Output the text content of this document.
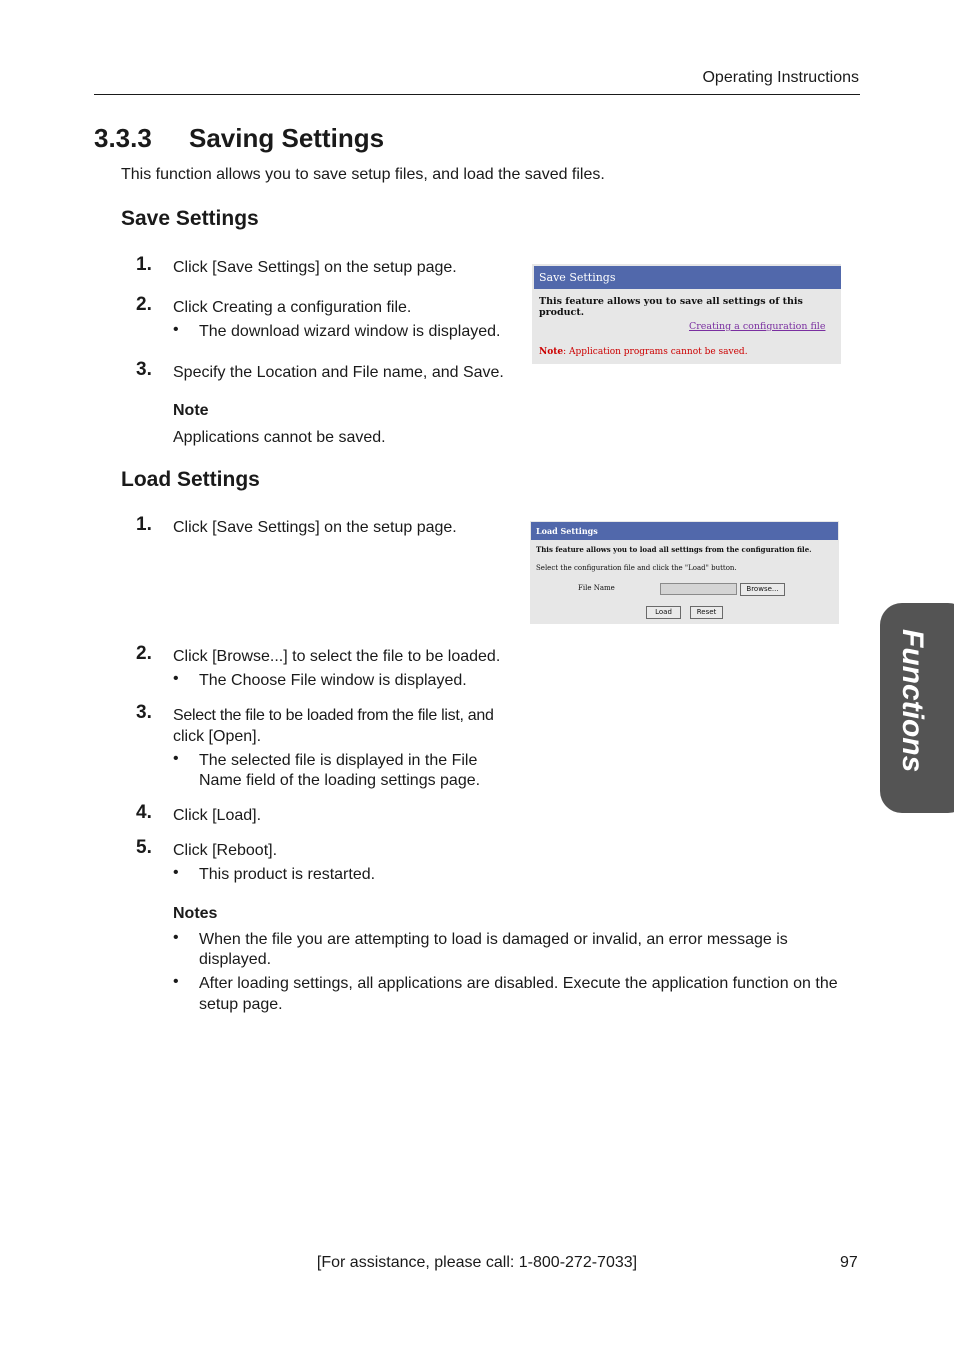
Operating Instructions
3.3.3 Saving Settings
This function allows you to save setup files, and load the saved files.
Save Settings
1. Click [Save Settings] on the setup page.
2. Click Creating a configuration file.
• The download wizard window is displayed.
3. Specify the Location and File name, and Save.
Note
Applications cannot be saved.
Save Settings
This feature allows you to save all settings of this product.
Creating a configuration file
Note: Application programs cannot be saved.
Load Settings
1. Click [Save Settings] on the setup page.
2. Click [Browse...] to select the file to be loaded.
• The Choose File window is displayed.
3. Select the file to be loaded from the file list, and
click [Open].
• The selected file is displayed in the File
Name field of the loading settings page.
4. Click [Load].
5. Click [Reboot].
• This product is restarted.
Notes
• When the file you are attempting to load is damaged or invalid, an error message is
displayed.
• After loading settings, all applications are disabled. Execute the application function on the
setup page.
Load Settings
This feature allows you to load all settings from the configuration file.
Select the configuration file and click the "Load" button.
File Name	Browse...
Load	Reset
Functions
[For assistance, please call: 1-800-272-7033]	97
